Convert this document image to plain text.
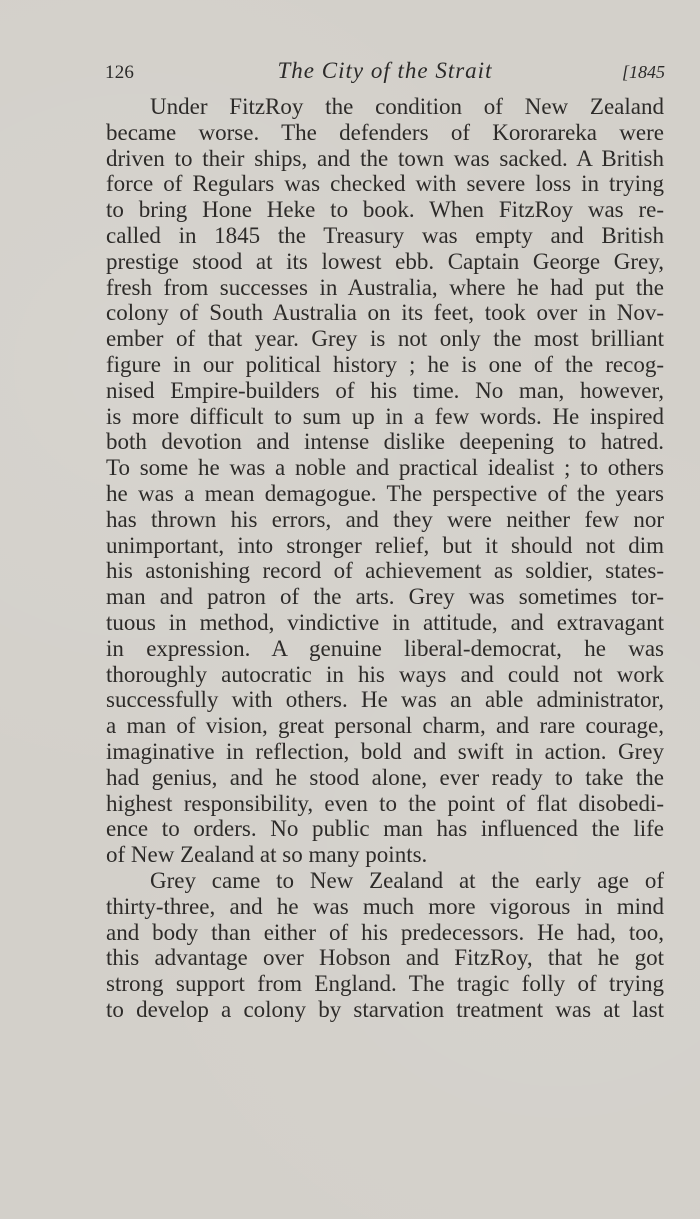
126	The City of the Strait	[1845
Under FitzRoy the condition of New Zealand
became worse. The defenders of Kororareka were
driven to their ships, and the town was sacked. A British
force of Regulars was checked with severe loss in trying
to bring Hone Heke to book. When FitzRoy was re-
called in 1845 the Treasury was empty and British
prestige stood at its lowest ebb. Captain George Grey,
fresh from successes in Australia, where he had put the
colony of South Australia on its feet, took over in Nov-
ember of that year. Grey is not only the most brilliant
figure in our political history ; he is one of the recog-
nised Empire-builders of his time. No man, however,
is more difficult to sum up in a few words. He inspired
both devotion and intense dislike deepening to hatred.
To some he was a noble and practical idealist ; to others
he was a mean demagogue. The perspective of the years
has thrown his errors, and they were neither few nor
unimportant, into stronger relief, but it should not dim
his astonishing record of achievement as soldier, states-
man and patron of the arts. Grey was sometimes tor-
tuous in method, vindictive in attitude, and extravagant
in expression. A genuine liberal-democrat, he was
thoroughly autocratic in his ways and could not work
successfully with others. He was an able administrator,
a man of vision, great personal charm, and rare courage,
imaginative in reflection, bold and swift in action. Grey
had genius, and he stood alone, ever ready to take the
highest responsibility, even to the point of flat disobedi-
ence to orders. No public man has influenced the life
of New Zealand at so many points.
Grey came to New Zealand at the early age of
thirty-three, and he was much more vigorous in mind
and body than either of his predecessors. He had, too,
this advantage over Hobson and FitzRoy, that he got
strong support from England. The tragic folly of trying
to develop a colony by starvation treatment was at last
